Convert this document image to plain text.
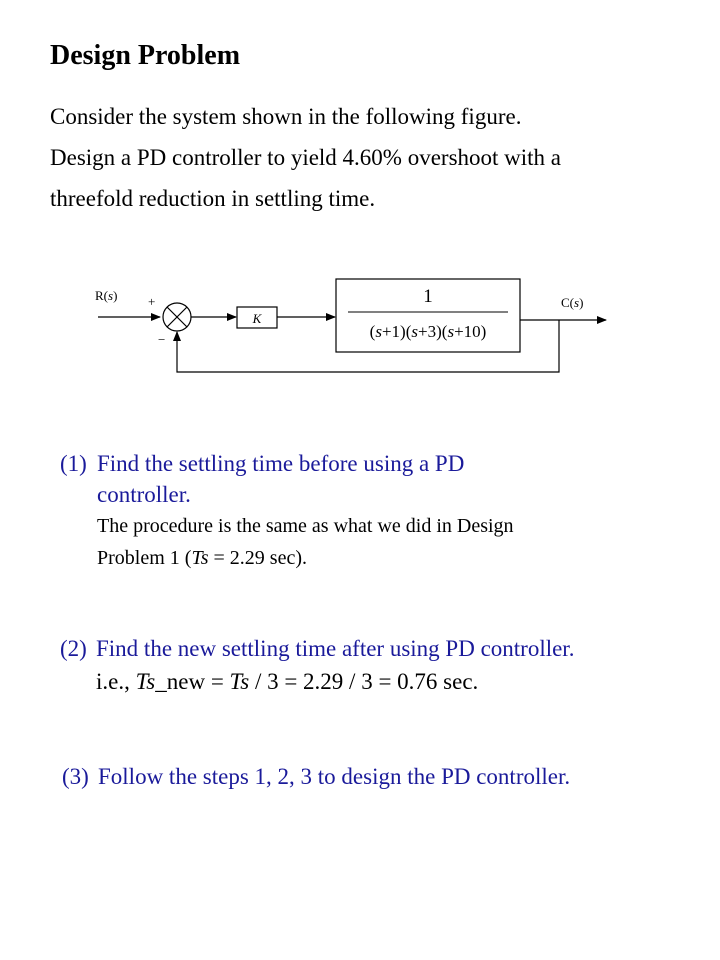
Design Problem
Consider the system shown in the following figure.
Design a PD controller to yield 4.60% overshoot with a
threefold reduction in settling time.
R(s) +
−
K
1
(s+1)(s+3)(s+10)
C(s)
(1) Find the settling time before using a PD
controller.
The procedure is the same as what we did in Design
Problem 1 (Ts = 2.29 sec).
(2) Find the new settling time after using PD controller.
i.e., Ts_new = Ts / 3 = 2.29 / 3 = 0.76 sec.
(3) Follow the steps 1, 2, 3 to design the PD controller.
